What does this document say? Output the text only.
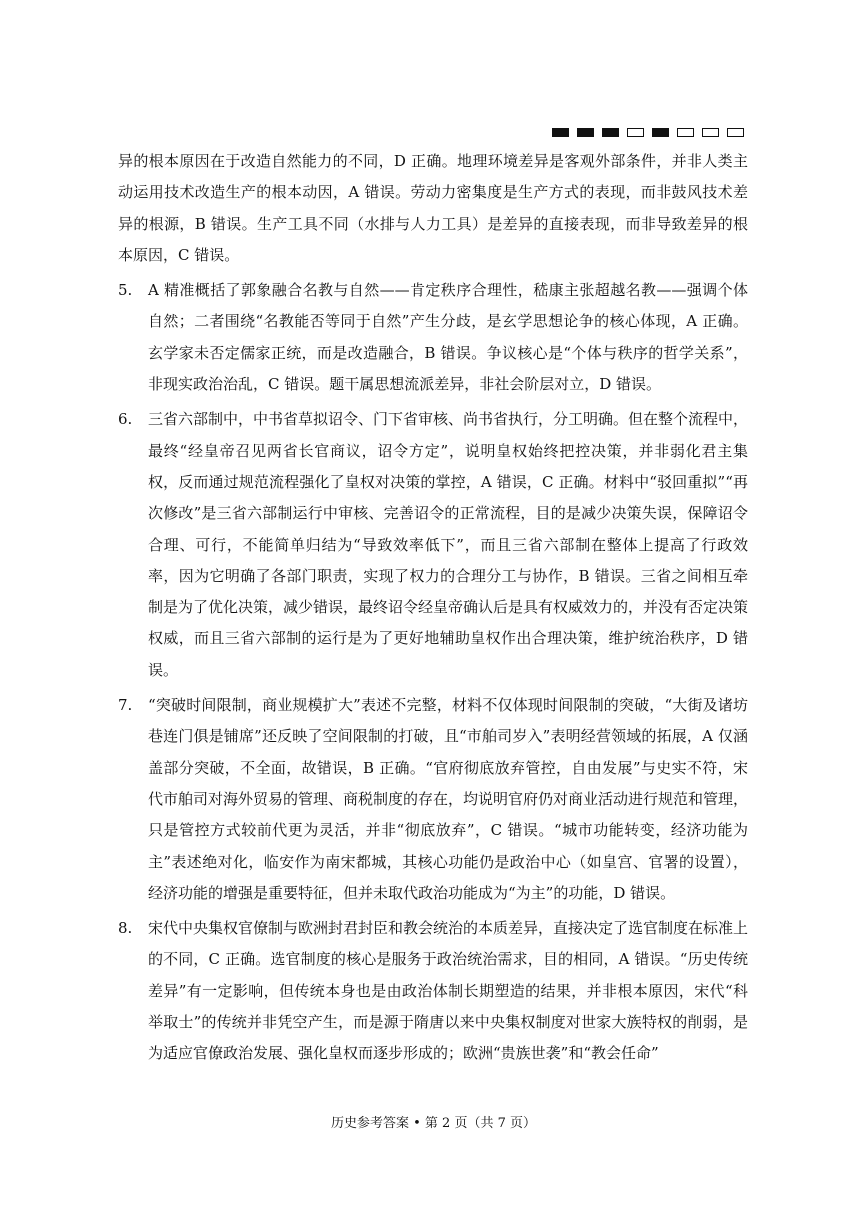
异的根本原因在于改造自然能力的不同，D 正确。地理环境差异是客观外部条件，并非人类主动运用技术改造生产的根本动因，A 错误。劳动力密集度是生产方式的表现，而非鼓风技术差异的根源，B 错误。生产工具不同（水排与人力工具）是差异的直接表现，而非导致差异的根本原因，C 错误。

5.	A 精准概括了郭象融合名教与自然——肯定秩序合理性，嵇康主张超越名教——强调个体自然；二者围绕“名教能否等同于自然”产生分歧，是玄学思想论争的核心体现，A 正确。玄学家未否定儒家正统，而是改造融合，B 错误。争议核心是“个体与秩序的哲学关系”，非现实政治治乱，C 错误。题干属思想流派差异，非社会阶层对立，D 错误。
6.	三省六部制中，中书省草拟诏令、门下省审核、尚书省执行，分工明确。但在整个流程中，最终“经皇帝召见两省长官商议，诏令方定”，说明皇权始终把控决策，并非弱化君主集权，反而通过规范流程强化了皇权对决策的掌控，A 错误，C 正确。材料中“驳回重拟”“再次修改”是三省六部制运行中审核、完善诏令的正常流程，目的是减少决策失误，保障诏令合理、可行，不能简单归结为“导致效率低下”，而且三省六部制在整体上提高了行政效率，因为它明确了各部门职责，实现了权力的合理分工与协作，B 错误。三省之间相互牵制是为了优化决策，减少错误，最终诏令经皇帝确认后是具有权威效力的，并没有否定决策权威，而且三省六部制的运行是为了更好地辅助皇权作出合理决策，维护统治秩序，D 错误。
7.	“突破时间限制，商业规模扩大”表述不完整，材料不仅体现时间限制的突破，“大街及诸坊巷连门俱是铺席”还反映了空间限制的打破，且“市舶司岁入”表明经营领域的拓展，A 仅涵盖部分突破，不全面，故错误，B 正确。“官府彻底放弃管控，自由发展”与史实不符，宋代市舶司对海外贸易的管理、商税制度的存在，均说明官府仍对商业活动进行规范和管理，只是管控方式较前代更为灵活，并非“彻底放弃”，C 错误。“城市功能转变，经济功能为主”表述绝对化，临安作为南宋都城，其核心功能仍是政治中心（如皇宫、官署的设置），经济功能的增强是重要特征，但并未取代政治功能成为“为主”的功能，D 错误。
8.	宋代中央集权官僚制与欧洲封君封臣和教会统治的本质差异，直接决定了选官制度在标准上的不同，C 正确。选官制度的核心是服务于政治统治需求，目的相同，A 错误。“历史传统差异”有一定影响，但传统本身也是由政治体制长期塑造的结果，并非根本原因，宋代“科举取士”的传统并非凭空产生，而是源于隋唐以来中央集权制度对世家大族特权的削弱，是为适应官僚政治发展、强化皇权而逐步形成的；欧洲“贵族世袭”和“教会任命”
历史参考答案 • 第 2 页（共 7 页）
